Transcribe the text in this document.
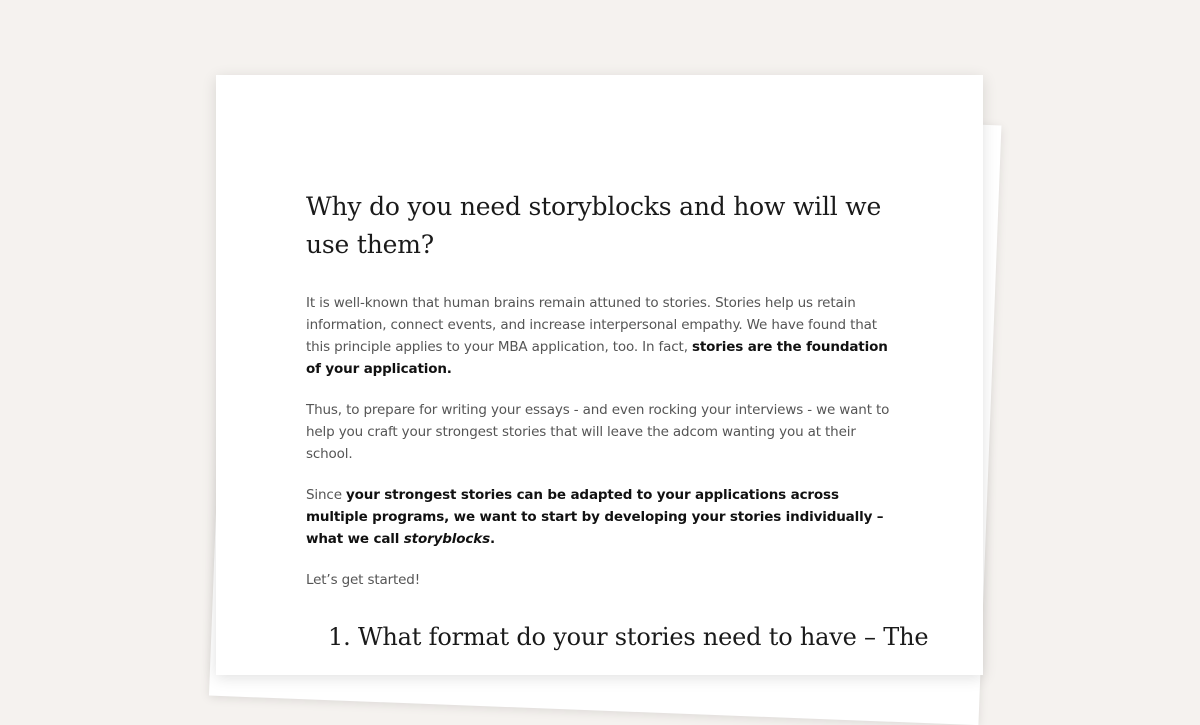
Why do you need storyblocks and how will we use them?

It is well-known that human brains remain attuned to stories. Stories help us retain information, connect events, and increase interpersonal empathy. We have found that this principle applies to your MBA application, too. In fact, stories are the foundation of your application.

Thus, to prepare for writing your essays - and even rocking your interviews - we want to help you craft your strongest stories that will leave the adcom wanting you at their school.

Since your strongest stories can be adapted to your applications across multiple programs, we want to start by developing your stories individually – what we call storyblocks.

Let’s get started!

1. What format do your stories need to have – The
